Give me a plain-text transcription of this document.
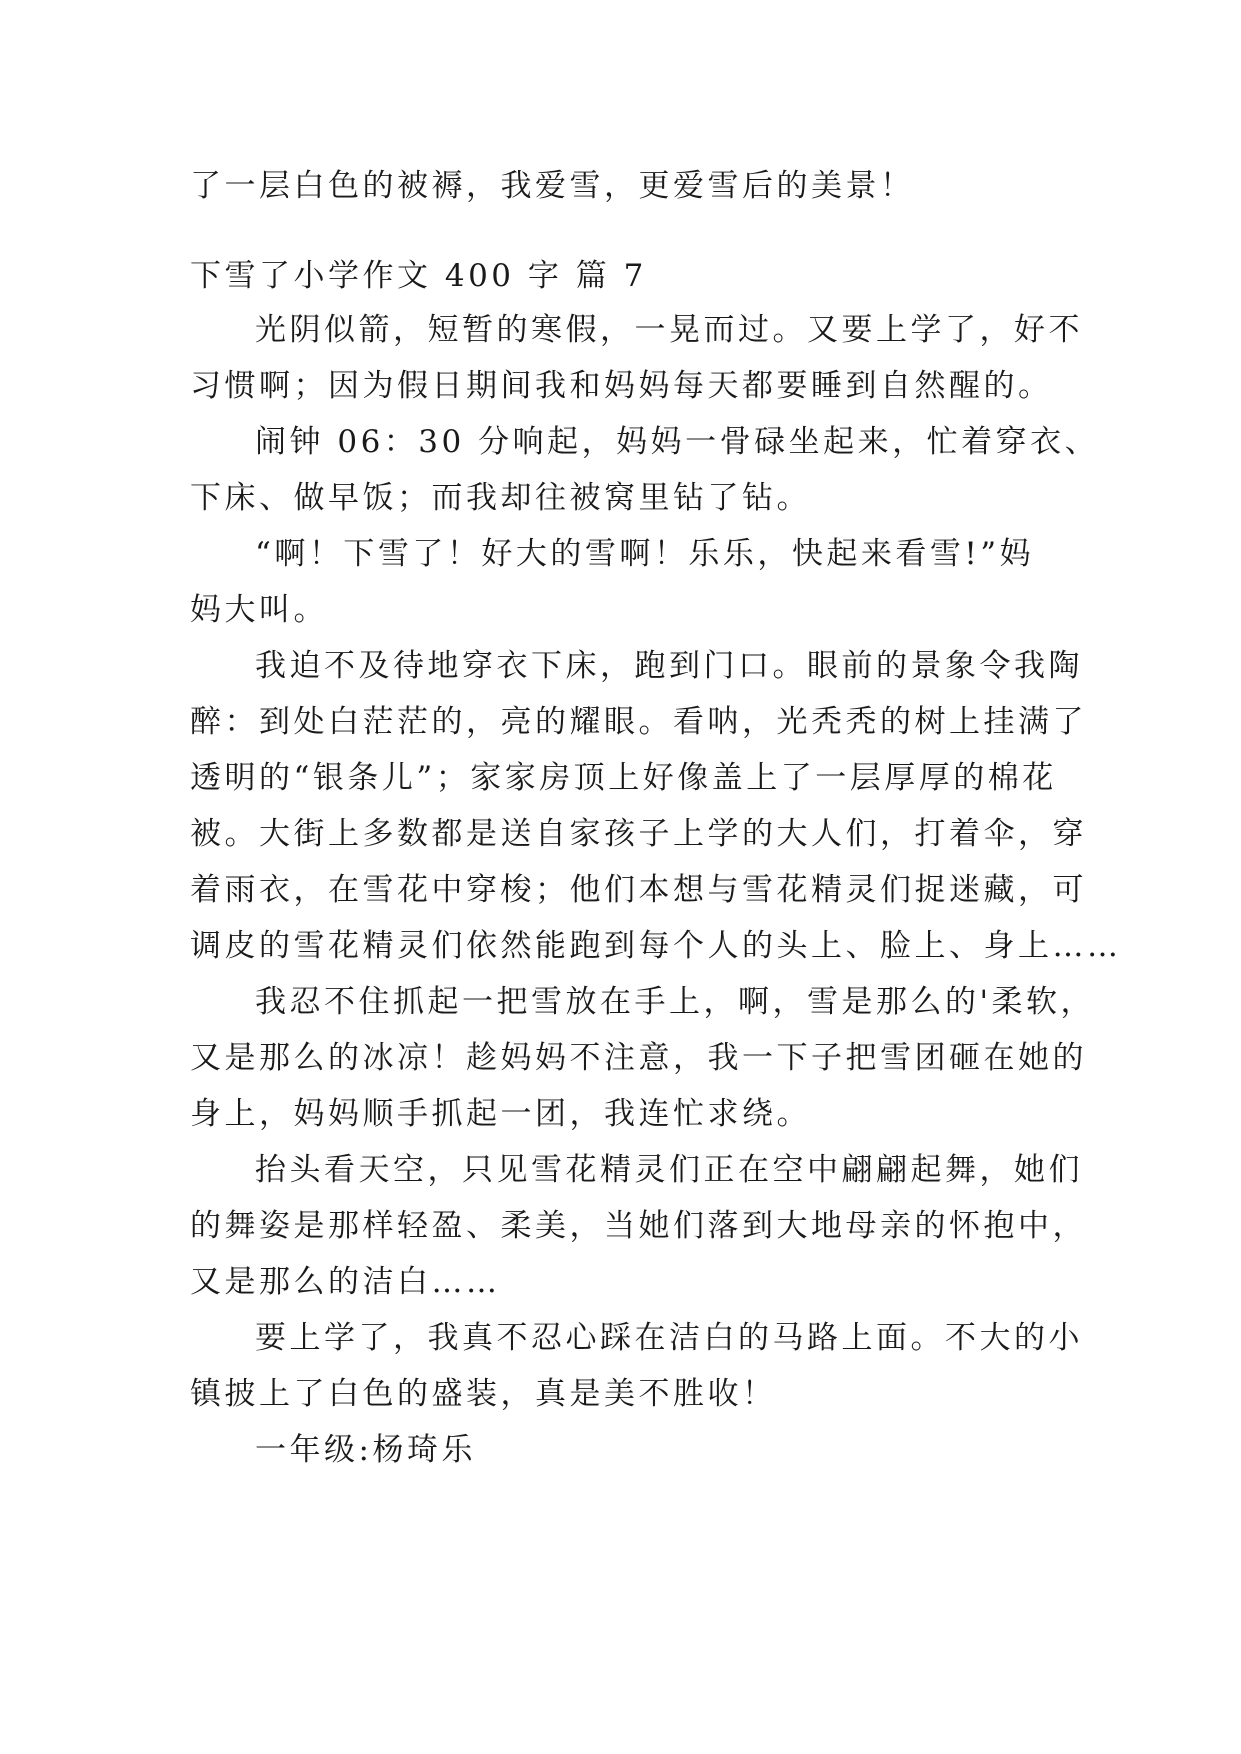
了一层白色的被褥，我爱雪，更爱雪后的美景！
下雪了小学作文 400 字 篇 7
光阴似箭，短暂的寒假，一晃而过。又要上学了，好不
习惯啊；因为假日期间我和妈妈每天都要睡到自然醒的。
闹钟 06：30 分响起，妈妈一骨碌坐起来，忙着穿衣、
下床、做早饭；而我却往被窝里钻了钻。
“啊！下雪了！好大的雪啊！乐乐，快起来看雪!”妈
妈大叫。
我迫不及待地穿衣下床，跑到门口。眼前的景象令我陶
醉：到处白茫茫的，亮的耀眼。看呐，光秃秃的树上挂满了
透明的“银条儿”；家家房顶上好像盖上了一层厚厚的棉花
被。大街上多数都是送自家孩子上学的大人们，打着伞，穿
着雨衣，在雪花中穿梭；他们本想与雪花精灵们捉迷藏，可
调皮的雪花精灵们依然能跑到每个人的头上、脸上、身上……
我忍不住抓起一把雪放在手上，啊，雪是那么的'柔软，
又是那么的冰凉！趁妈妈不注意，我一下子把雪团砸在她的
身上，妈妈顺手抓起一团，我连忙求绕。
抬头看天空，只见雪花精灵们正在空中翩翩起舞，她们
的舞姿是那样轻盈、柔美，当她们落到大地母亲的怀抱中，
又是那么的洁白……
要上学了，我真不忍心踩在洁白的马路上面。不大的小
镇披上了白色的盛装，真是美不胜收！
一年级:杨琦乐
